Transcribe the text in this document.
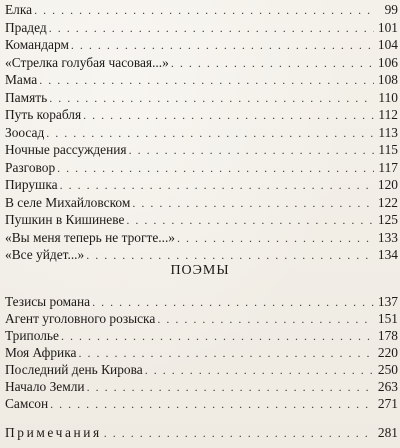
Елка . . .	99
Прадед . . .	101
Командарм . . .	104
«Стрелка голубая часовая...» . . .	106
Мама . . .	108
Память . . .	110
Путь корабля . . .	112
Зоосад . . .	113
Ночные рассуждения . . .	115
Разговор . . .	117
Пирушка . . .	120
В селе Михайловском . . .	122
Пушкин в Кишиневе . . .	125
«Вы меня теперь не трогте...» . . .	133
«Все уйдет...» . . .	134
ПОЭМЫ
Тезисы романа . . .	137
Агент уголовного розыска . . .	151
Триполье . . .	178
Моя Африка . . .	220
Последний день Кирова . . .	250
Начало Земли . . .	263
Самсон . . .	271
Примечания . . .	281
